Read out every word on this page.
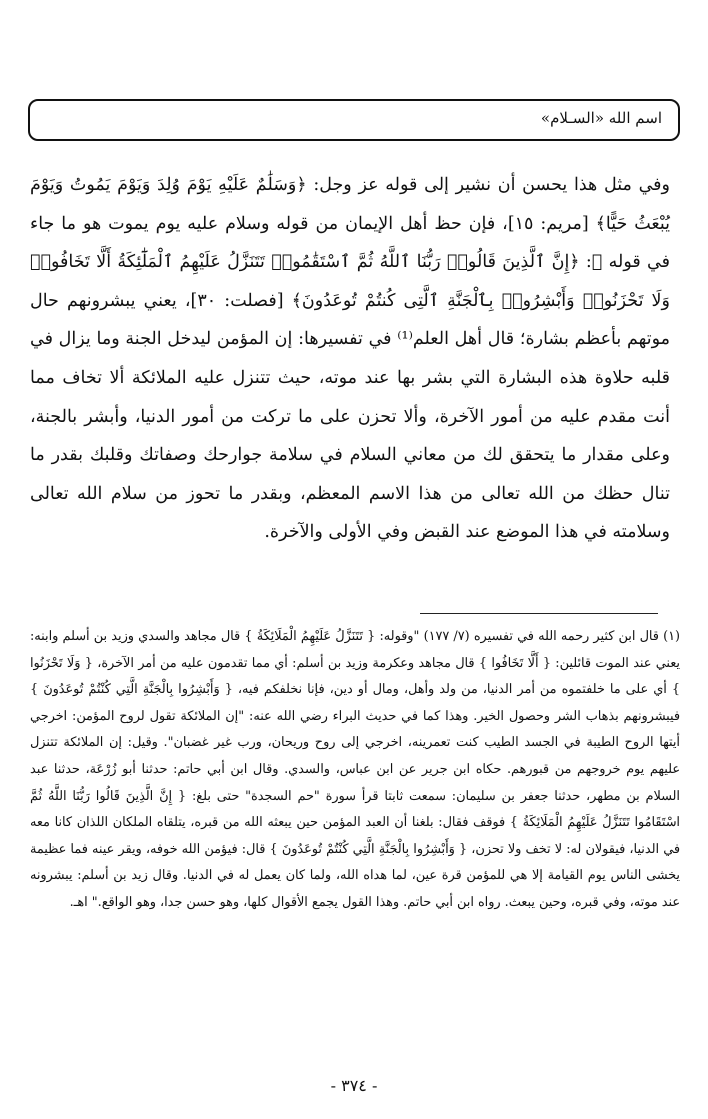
اسم الله «السـلام»

وفي مثل هذا يحسن أن نشير إلى قوله عز وجل: ﴿وَسَلَٰمٌ عَلَيْهِ يَوْمَ وُلِدَ وَيَوْمَ يَمُوتُ وَيَوْمَ يُبْعَثُ حَيًّا﴾ [مريم: ١٥]، فإن حظ أهل الإيمان من قوله وسلام عليه يوم يموت هو ما جاء في قوله ﷺ: ﴿إِنَّ ٱلَّذِينَ قَالُوا۟ رَبُّنَا ٱللَّهُ ثُمَّ ٱسْتَقَٰمُوا۟ تَتَنَزَّلُ عَلَيْهِمُ ٱلْمَلَٰٓئِكَةُ أَلَّا تَخَافُوا۟ وَلَا تَحْزَنُوا۟ وَأَبْشِرُوا۟ بِٱلْجَنَّةِ ٱلَّتِى كُنتُمْ تُوعَدُونَ﴾ [فصلت: ٣٠]، يعني يبشرونهم حال موتهم بأعظم بشارة؛ قال أهل العلم⁽¹⁾ في تفسيرها: إن المؤمن ليدخل الجنة وما يزال في قلبه حلاوة هذه البشارة التي بشر بها عند موته، حيث تتنزل عليه الملائكة ألا تخاف مما أنت مقدم عليه من أمور الآخرة، وألا تحزن على ما تركت من أمور الدنيا، وأبشر بالجنة، وعلى مقدار ما يتحقق لك من معاني السلام في سلامة جوارحك وصفاتك وقلبك بقدر ما تنال حظك من الله تعالى من هذا الاسم المعظم، وبقدر ما تحوز من سلام الله تعالى وسلامته في هذا الموضع عند القبض وفي الأولى والآخرة.

(١) قال ابن كثير رحمه الله في تفسيره (٧/ ١٧٧) "وقوله: { تَتَنَزَّلُ عَلَيْهِمُ الْمَلَائِكَةُ } قال مجاهد والسدي وزيد بن أسلم وابنه: يعني عند الموت قائلين: { أَلَّا تَخَافُوا } قال مجاهد وعكرمة وزيد بن أسلم: أي مما تقدمون عليه من أمر الآخرة، { وَلَا تَحْزَنُوا } أي على ما خلفتموه من أمر الدنيا، من ولد وأهل، ومال أو دين، فإنا نخلفكم فيه، { وَأَبْشِرُوا بِالْجَنَّةِ الَّتِي كُنْتُمْ تُوعَدُونَ } فيبشرونهم بذهاب الشر وحصول الخير. وهذا كما في حديث البراء رضي الله عنه: "إن الملائكة تقول لروح المؤمن: اخرجي أيتها الروح الطيبة في الجسد الطيب كنت تعمرينه، اخرجي إلى روح وريحان، ورب غير غضبان". وقيل: إن الملائكة تتنزل عليهم يوم خروجهم من قبورهم. حكاه ابن جرير عن ابن عباس، والسدي. وقال ابن أبي حاتم: حدثنا أبو زُرْعَة، حدثنا عبد السلام بن مطهر، حدثنا جعفر بن سليمان: سمعت ثابتا قرأ سورة "حم السجدة" حتى بلغ: { إِنَّ الَّذِينَ قَالُوا رَبُّنَا اللَّهُ ثُمَّ اسْتَقَامُوا تَتَنَزَّلُ عَلَيْهِمُ الْمَلَائِكَةُ } فوقف فقال: بلغنا أن العبد المؤمن حين يبعثه الله من قبره، يتلقاه الملكان اللذان كانا معه في الدنيا، فيقولان له: لا تخف ولا تحزن، { وَأَبْشِرُوا بِالْجَنَّةِ الَّتِي كُنْتُمْ تُوعَدُونَ } قال: فيؤمن الله خوفه، ويقر عينه فما عظيمة يخشى الناس يوم القيامة إلا هي للمؤمن قرة عين، لما هداه الله، ولما كان يعمل له في الدنيا. وقال زيد بن أسلم: يبشرونه عند موته، وفي قبره، وحين يبعث. رواه ابن أبي حاتم. وهذا القول يجمع الأقوال كلها، وهو حسن جدا، وهو الواقع." اهـ.

- ٣٧٤ -
